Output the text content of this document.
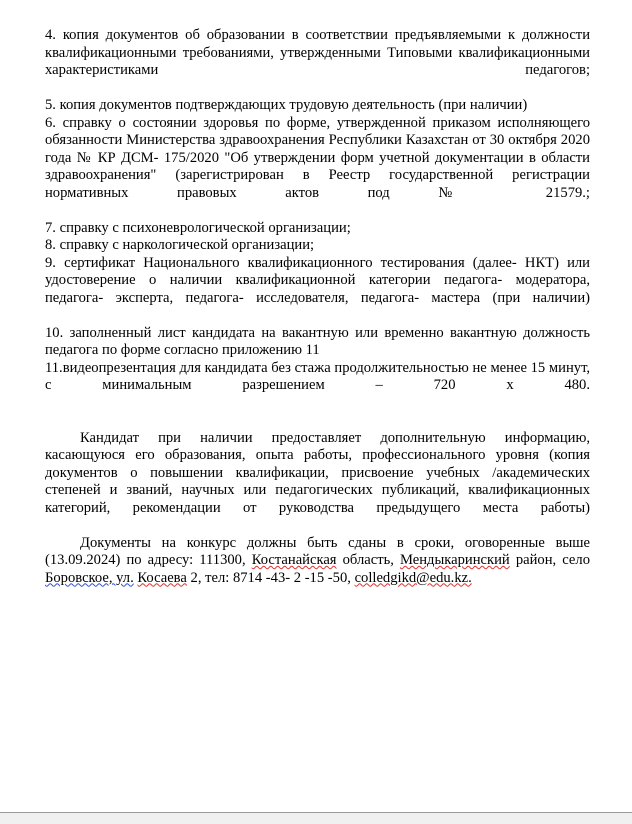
4. копия документов об образовании в соответствии предъявляемыми к должности квалификационными требованиями, утвержденными Типовыми квалификационными характеристиками педагогов;

5. копия документов подтверждающих трудовую деятельность (при наличии)

6. справку о состоянии здоровья по форме, утвержденной приказом исполняющего обязанности Министерства здравоохранения Республики Казахстан от 30 октября 2020 года № КР ДСМ- 175/2020 "Об утверждении форм учетной документации в области здравоохранения" (зарегистрирован в Реестр государственной регистрации нормативных правовых актов под № 21579.;

7. справку с психоневрологической организации;

8. справку с наркологической организации;

9. сертификат Национального квалификационного тестирования (далее- НКТ) или удостоверение о наличии квалификационной категории педагога- модератора, педагога- эксперта, педагога- исследователя, педагога- мастера (при наличии)

10. заполненный лист кандидата на вакантную или временно вакантную должность педагога по форме согласно приложению 11

11.видеопрезентация для кандидата без стажа продолжительностью не менее 15 минут, с минимальным разрешением – 720 х 480.

Кандидат при наличии предоставляет дополнительную информацию, касающуюся его образования, опыта работы, профессионального уровня (копия документов о повышении квалификации, присвоение учебных /академических степеней и званий, научных или педагогических публикаций, квалификационных категорий, рекомендации от руководства предыдущего места работы)

Документы на конкурс должны быть сданы в сроки, оговоренные выше (13.09.2024) по адресу: 111300, Костанайская область, Мендыкаринский район, село Боровское, ул. Косаева 2, тел: 8714 -43- 2 -15 -50, colledgikd@edu.kz.
